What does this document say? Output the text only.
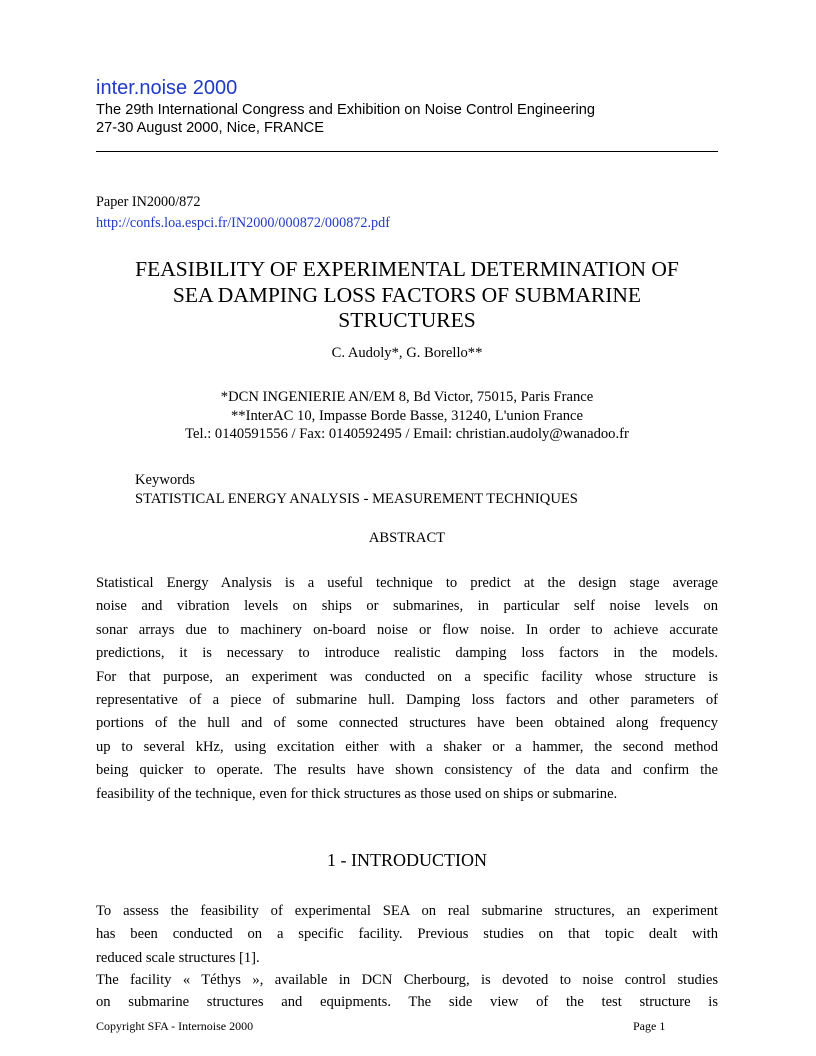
inter.noise 2000
The 29th International Congress and Exhibition on Noise Control Engineering
27-30 August 2000, Nice, FRANCE
Paper IN2000/872
http://confs.loa.espci.fr/IN2000/000872/000872.pdf
FEASIBILITY OF EXPERIMENTAL DETERMINATION OF
SEA DAMPING LOSS FACTORS OF SUBMARINE
STRUCTURES
C. Audoly*, G. Borello**
*DCN INGENIERIE AN/EM 8, Bd Victor, 75015, Paris France
**InterAC 10, Impasse Borde Basse, 31240, L'union France
Tel.: 0140591556 / Fax: 0140592495 / Email: christian.audoly@wanadoo.fr
Keywords
STATISTICAL ENERGY ANALYSIS - MEASUREMENT TECHNIQUES
ABSTRACT
Statistical Energy Analysis is a useful technique to predict at the design stage average
noise and vibration levels on ships or submarines, in particular self noise levels on
sonar arrays due to machinery on-board noise or flow noise. In order to achieve accurate
predictions, it is necessary to introduce realistic damping loss factors in the models.
For that purpose, an experiment was conducted on a specific facility whose structure is
representative of a piece of submarine hull. Damping loss factors and other parameters of
portions of the hull and of some connected structures have been obtained along frequency
up to several kHz, using excitation either with a shaker or a hammer, the second method
being quicker to operate. The results have shown consistency of the data and confirm the
feasibility of the technique, even for thick structures as those used on ships or submarine.
1 - INTRODUCTION
To assess the feasibility of experimental SEA on real submarine structures, an experiment
has been conducted on a specific facility. Previous studies on that topic dealt with
reduced scale structures [1].
The facility « Téthys », available in DCN Cherbourg, is devoted to noise control studies
on submarine structures and equipments. The side view of the test structure is
Copyright SFA - Internoise 2000	Page 1
